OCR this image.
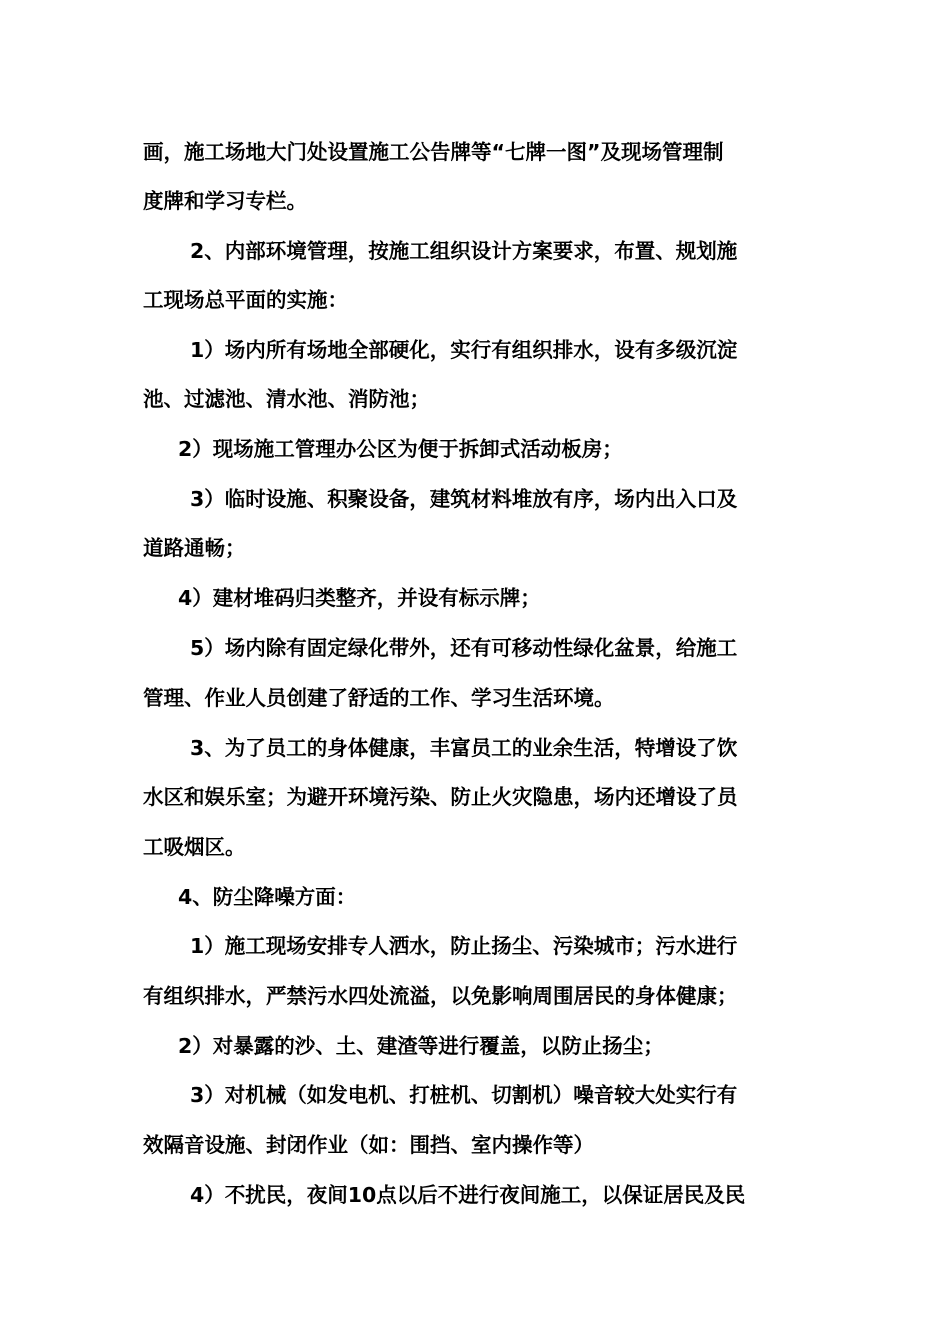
画，施工场地大门处设置施工公告牌等“七牌一图”及现场管理制
度牌和学习专栏。
2、内部环境管理，按施工组织设计方案要求，布置、规划施
工现场总平面的实施：
1）场内所有场地全部硬化，实行有组织排水，设有多级沉淀
池、过滤池、清水池、消防池；
2）现场施工管理办公区为便于拆卸式活动板房；
3）临时设施、积聚设备，建筑材料堆放有序，场内出入口及
道路通畅；
4）建材堆码归类整齐，并设有标示牌；
5）场内除有固定绿化带外，还有可移动性绿化盆景，给施工
管理、作业人员创建了舒适的工作、学习生活环境。
3、为了员工的身体健康，丰富员工的业余生活，特增设了饮
水区和娱乐室；为避开环境污染、防止火灾隐患，场内还增设了员
工吸烟区。
4、防尘降噪方面：
1）施工现场安排专人洒水，防止扬尘、污染城市；污水进行
有组织排水，严禁污水四处流溢，以免影响周围居民的身体健康；
2）对暴露的沙、土、建渣等进行覆盖，以防止扬尘；
3）对机械（如发电机、打桩机、切割机）噪音较大处实行有
效隔音设施、封闭作业（如：围挡、室内操作等）
4）不扰民，夜间10点以后不进行夜间施工，以保证居民及民
